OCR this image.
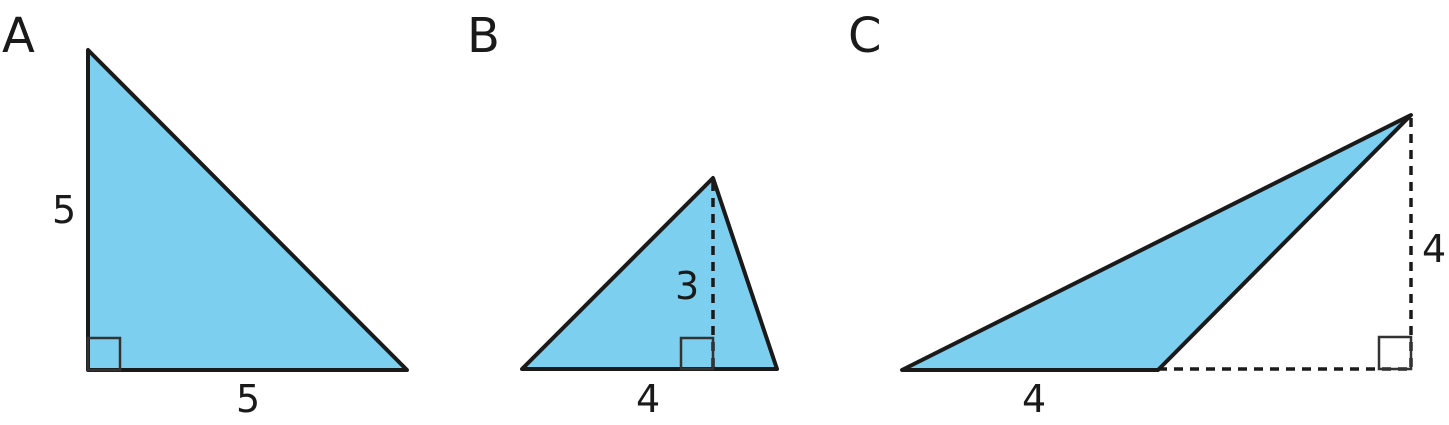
A
5
5
B
3
4
C
4
4
